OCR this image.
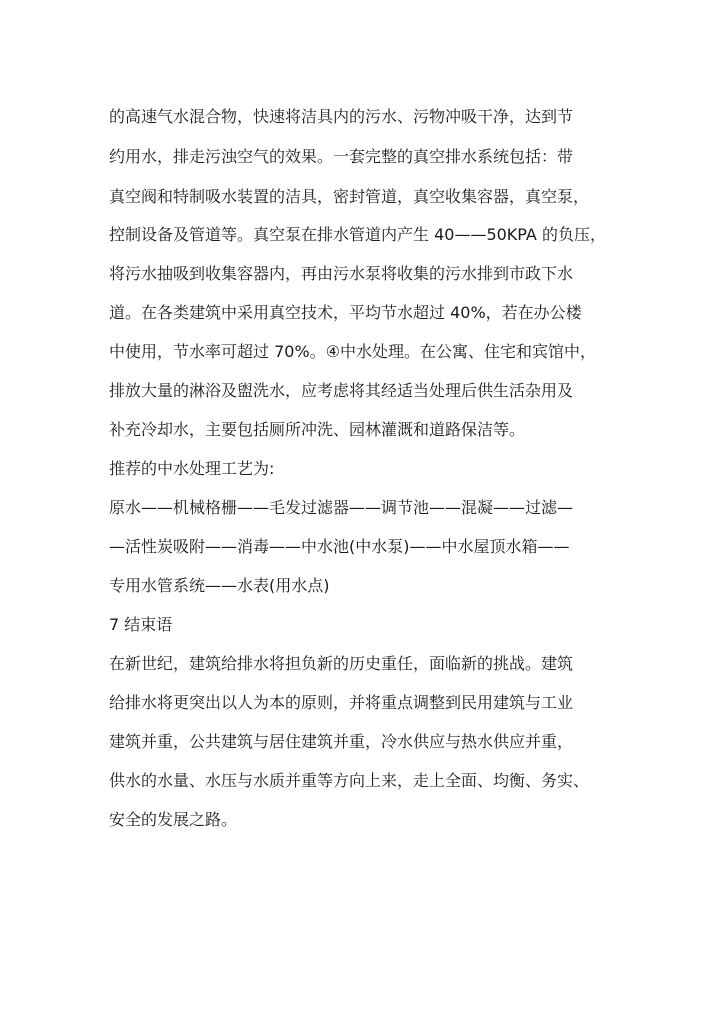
的高速气水混合物，快速将洁具内的污水、污物冲吸干净，达到节
约用水，排走污浊空气的效果。一套完整的真空排水系统包括：带
真空阀和特制吸水装置的洁具，密封管道，真空收集容器，真空泵，
控制设备及管道等。真空泵在排水管道内产生 40——50KPA 的负压，
将污水抽吸到收集容器内，再由污水泵将收集的污水排到市政下水
道。在各类建筑中采用真空技术，平均节水超过 40%，若在办公楼
中使用，节水率可超过 70%。④中水处理。在公寓、住宅和宾馆中，
排放大量的淋浴及盥洗水，应考虑将其经适当处理后供生活杂用及
补充冷却水，主要包括厕所冲洗、园林灌溉和道路保洁等。
推荐的中水处理工艺为:
原水——机械格栅——毛发过滤器——调节池——混凝——过滤—
—活性炭吸附——消毒——中水池(中水泵)——中水屋顶水箱——
专用水管系统——水表(用水点)
7 结束语
在新世纪，建筑给排水将担负新的历史重任，面临新的挑战。建筑
给排水将更突出以人为本的原则，并将重点调整到民用建筑与工业
建筑并重，公共建筑与居住建筑并重，冷水供应与热水供应并重，
供水的水量、水压与水质并重等方向上来，走上全面、均衡、务实、
安全的发展之路。
